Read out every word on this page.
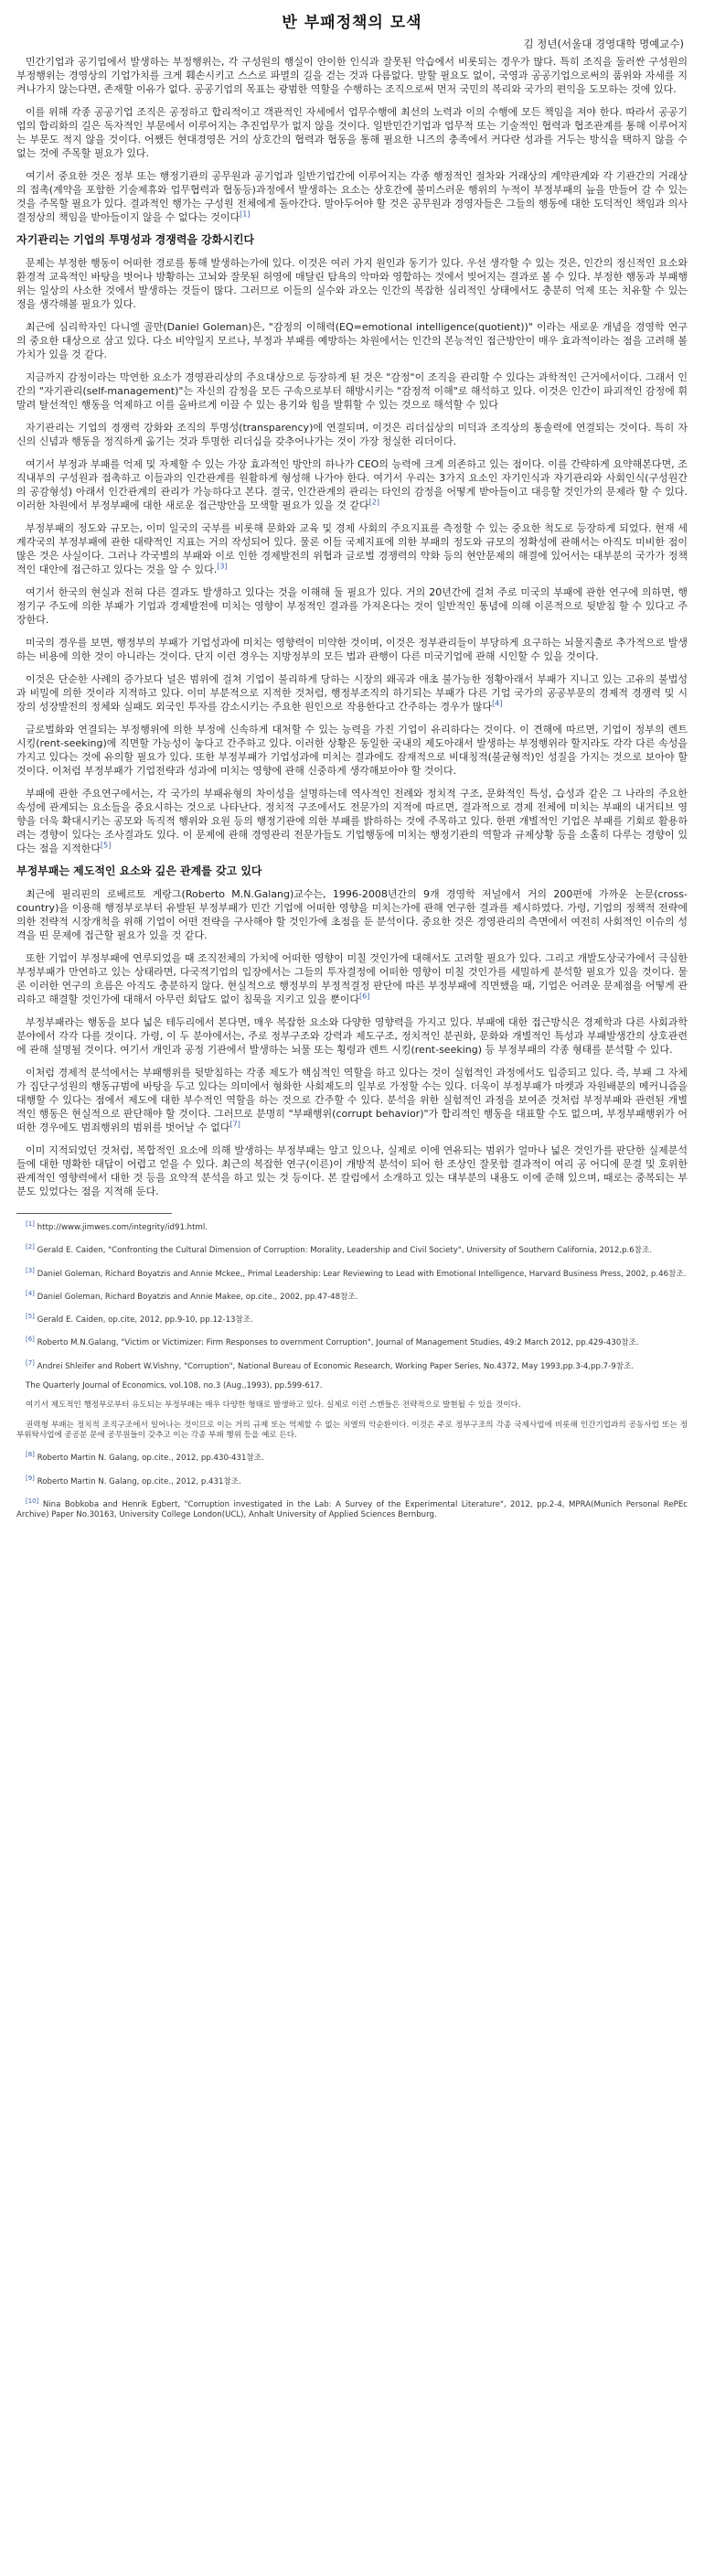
반 부패정책의 모색
김 정년(서울대 경영대학 명예교수)

민간기업과 공기업에서 발생하는 부정행위는, 각 구성원의 행실이 얀이한 인식과 잘못된 악습에서 비롯되는 경우가 많다. 특히 조직을 둘러싼 구성원의 부정행위는 경영상의 기업가치를 크게 훼손시키고 스스로 파멸의 길을 걷는 것과 다름없다. 말할 필요도 없이, 국영과 공공기업으로써의 품위와 자세를 지켜나가지 않는다면, 존재할 이유가 없다. 공공기업의 목표는 광범한 역할을 수행하는 조직으로써 먼저 국민의 복리와 국가의 편익을 도모하는 것에 있다.

이를 위해 각종 공공기업 조직은 공정하고 합리적이고 객관적인 자세에서 업무수행에 최선의 노력과 이의 수행에 모든 책임을 져야 한다. 따라서 공공기업의 합리화의 길은 독자적인 부문에서 이루어지는 추진업무가 없지 않을 것이다. 일반민간기업과 업무적 또는 기술적인 협력과 협조관계를 통해 이루어지는 부문도 적지 않을 것이다. 어쨌든 현대경영은 거의 상호간의 협력과 협동을 통해 필요한 니즈의 충족에서 커다란 성과를 거두는 방식을 택하지 않을 수 없는 것에 주목할 필요가 있다.

여기서 중요한 것은 정부 또는 행정기관의 공무원과 공기업과 일반기업간에 이루어지는 각종 행정적인 절차와 거래상의 계약관계와 각 기관간의 거래상의 접촉(계약을 포함한 기술제휴와 업무협력과 협동등)과정에서 발생하는 요소는 상호간에 불미스러운 행위의 누적이 부정부패의 늪을 만들어 갈 수 있는 것을 주목할 필요가 있다. 결과적인 행가는 구성원 전체에게 돌아간다. 말아두어야 할 것은 공무원과 경영자들은 그들의 행동에 대한 도덕적인 책임과 의사결정상의 책임을 받아들이지 않을 수 없다는 것이다[1]

자기관리는 기업의 투명성과 경쟁력을 강화시킨다

문제는 부정한 행동이 어떠한 경로를 통해 발생하는가에 있다. 이것은 여러 가지 원인과 동기가 있다. 우선 생각할 수 있는 것은, 인간의 정신적인 요소와 환경적 교육적인 바탕을 벗어나 방황하는 고뇌와 잘못된 허영에 매달린 탐욕의 악마와 영합하는 것에서 빚어지는 결과로 볼 수 있다. 부정한 행동과 부패행위는 일상의 사소한 것에서 발생하는 것들이 많다. 그러므로 이들의 실수와 과오는 인간의 복잡한 심리적인 상태에서도 충분히 억제 또는 치유할 수 있는 정을 생각해볼 필요가 있다.

최근에 심리학자인 다니엘 골만(Daniel Goleman)은, "감정의 이해력(EQ=emotional intelligence(quotient))" 이라는 새로운 개념을 경영학 연구의 중요한 대상으로 삼고 있다. 다소 비약일지 모르나, 부정과 부패를 예방하는 차원에서는 인간의 본능적인 접근방안이 매우 효과적이라는 점을 고려해 볼 가치가 있을 것 같다.

지금까지 감정이라는 막연한 요소가 경영관리상의 주요대상으로 등장하게 된 것은 "감정"이 조직을 관리할 수 있다는 과학적인 근거에서이다. 그래서 인간의 "자기관리(self-management)"는 자신의 감정을 모든 구속으로부터 해방시키는 "감정적 이해"로 해석하고 있다. 이것은 인간이 파괴적인 감정에 휘말려 탈선적인 행동을 억제하고 이를 올바르게 이끌 수 있는 용기와 힘을 발휘할 수 있는 것으로 해석할 수 있다

자기관리는 기업의 경쟁력 강화와 조직의 투명성(transparency)에 연결되며, 이것은 리더십상의 미덕과 조직상의 통솔력에 연결되는 것이다. 특히 자신의 신념과 행동을 정직하게 옮기는 것과 투명한 리더십을 갖추어나가는 것이 가장 청실한 리더이다.

여기서 부정과 부패를 억제 및 자제할 수 있는 가장 효과적인 방안의 하나가 CEO의 능력에 크게 의존하고 있는 점이다. 이를 간략하게 요약해본다면, 조직내부의 구성원과 접촉하고 이들과의 인간관계를 원활하게 형성해 나가야 한다. 여기서 우리는 3가지 요소인 자기인식과 자기관리와 사회인식(구성원간의 공감형성) 아래서 인간관계의 관리가 가능하다고 본다. 결국, 인간관계의 관리는 타인의 감정을 어떻게 받아들이고 대응할 것인가의 문제라 할 수 있다. 이러한 차원에서 부정부패에 대한 새로운 접근방안을 모색할 필요가 있을 것 같다[2]

부정부패의 정도와 규모는, 이미 일국의 국부를 비롯해 문화와 교육 및 경제 사회의 주요지표를 측정할 수 있는 중요한 척도로 등장하게 되었다. 현재 세계각국의 부정부패에 관한 대략적인 지표는 거의 작성되어 있다. 물론 이들 국제지표에 의한 부패의 정도와 규모의 정확성에 관해서는 아직도 미비한 점이 많은 것은 사실이다. 그러나 각국별의 부패와 이로 인한 경제발전의 위협과 글로벌 경쟁력의 약화 등의 현안문제의 해결에 있어서는 대부분의 국가가 정책적인 대안에 접근하고 있다는 것을 알 수 있다.[3]

여기서 한국의 현실과 전혀 다른 결과도 발생하고 있다는 것을 이해해 둘 필요가 있다. 거의 20년간에 걸쳐 주로 미국의 부패에 관한 연구에 의하면, 행정기구 주도에 의한 부패가 기업과 경제발전에 미치는 영향이 부정적인 결과를 가져온다는 것이 일반적인 통념에 의해 이론적으로 뒷받침 할 수 있다고 주장한다.

미국의 경우를 보면, 행정부의 부패가 기업성과에 미치는 영향력이 미약한 것이며, 이것은 정부관리들이 부당하게 요구하는 뇌물지출로 추가적으로 발생하는 비용에 의한 것이 아니라는 것이다. 단지 이런 경우는 지방정부의 모든 법과 관행이 다른 미국기업에 관해 시인할 수 있을 것이다.

이것은 단순한 사례의 증가보다 널은 범위에 걸쳐 기업이 불리하게 당하는 시장의 왜곡과 애초 불가능한 정황아래서 부패가 지니고 있는 고유의 불법성과 비밀에 의한 것이라 지적하고 있다. 이미 부분적으로 지적한 것처럼, 행정부조직의 하기되는 부패가 다른 기업 국가의 공공부문의 경제적 경쟁력 및 시장의 성장발전의 정체와 실패도 외국인 투자를 감소시키는 주요한 원인으로 작용한다고 간주하는 경우가 많다[4]

글로벌화와 연결되는 부정행위에 의한 부정에 신속하게 대처할 수 있는 능력을 가진 기업이 유리하다는 것이다. 이 견해에 따르면, 기업이 정부의 렌트 시킹(rent-seeking)에 직면할 가능성이 놓다고 간주하고 있다. 이러한 상황은 동일한 국내의 제도아래서 발생하는 부정행위라 할지라도 각각 다른 속성을 가지고 있다는 것에 유의할 필요가 있다. 또한 부정부패가 기업성과에 미치는 결과에도 잠재적으로 비대칭적(불균형적)인 성질을 가지는 것으로 보아야 할 것이다. 이처럼 부정부패가 기업전략과 성과에 미치는 영향에 관해 신중하게 생각해보아야 할 것이다.

부패에 관한 주요연구에서는, 각 국가의 부패유형의 차이성을 설명하는데 역사적인 전례와 정치적 구조, 문화적인 특성, 습성과 같은 그 나라의 주요한 속성에 관계되는 요소들을 중요시하는 것으로 나타난다. 정치적 구조에서도 전문가의 지적에 따르면, 결과적으로 경제 전체에 미치는 부패의 내거티브 영향을 더욱 확대시키는 공모와 독직적 행위와 요원 등의 행정기관에 의한 부패를 밝하하는 것에 주목하고 있다. 한편 개별적인 기업은 부패를 기회로 활용하려는 경향이 있다는 조사결과도 있다. 이 문제에 관해 경영관리 전문가들도 기업행동에 미치는 행정기관의 역할과 규제상황 등을 소홀히 다루는 경향이 있다는 점을 지적한다[5]

부정부패는 제도적인 요소와 깊은 관계를 갖고 있다

최근에 필리핀의 로베르토 게랑그(Roberto M.N.Galang)교수는, 1996-2008년간의 9개 경영학 저널에서 거의 200편에 가까운 논문(cross-country)을 이용해 행정부로부터 유발된 부정부패가 민간 기업에 어떠한 영향을 미치는가에 관해 연구한 결과를 제시하였다. 가령, 기업의 정책적 전략에 의한 전략적 시장개척을 위해 기업이 어떤 전략을 구사해야 할 것인가에 초점을 둔 분석이다. 중요한 것은 경영관리의 측면에서 여전히 사회적인 이슈의 성격을 띤 문제에 접근할 필요가 있을 것 같다.

또한 기업이 부정부패에 연루되었을 때 조직전체의 가치에 어떠한 영향이 미칠 것인가에 대해서도 고려할 필요가 있다. 그리고 개발도상국가에서 극심한 부정부패가 만연하고 있는 상태라면, 다국적기업의 입장에서는 그들의 투자결정에 어떠한 영향이 미칠 것인가를 세밀하게 분석할 필요가 있을 것이다. 물론 이러한 연구의 흐름은 아직도 충분하지 않다. 현실적으로 행정부의 부정적결정 판단에 따른 부정부패에 직면했을 때, 기업은 어려운 문제점을 어떻게 관리하고 해결할 것인가에 대해서 아무런 회답도 없이 침묵을 지키고 있을 뿐이다[6]

부정부패라는 행동을 보다 넓은 테두리에서 본다면, 매우 복잡한 요소와 다양한 영향력을 가지고 있다. 부패에 대한 접근방식은 경제학과 다른 사회과학분야에서 각각 다를 것이다. 가령, 이 두 분야에서는, 주로 정부구조와 강력과 제도구조, 정치적인 분권화, 문화와 개별적인 특성과 부패발생간의 상호관련에 관해 설명될 것이다. 여기서 개인과 공정 기관에서 발생하는 뇌물 또는 횡령과 렌트 시킹(rent-seeking) 등 부정부패의 각종 형태를 분석할 수 있다.

이처럼 경제적 분석에서는 부패행위를 뒷받침하는 각종 제도가 핵심적인 역할을 하고 있다는 것이 실험적인 과정에서도 입증되고 있다. 즉, 부패 그 자체가 집단구성원의 행동규범에 바탕을 두고 있다는 의미에서 형화한 사회제도의 일부로 가정할 수는 있다. 더욱이 부정부패가 마켓과 자원배분의 메커니즘을 대행할 수 있다는 점에서 제도에 대한 부수적인 역할을 하는 것으로 간주할 수 있다. 분석을 위한 실험적인 과정을 보여준 것처럼 부정부패와 관련된 개별적인 행동은 현실적으로 판단해야 할 것이다. 그러므로 분명히 "부패행위(corrupt behavior)"가 합리적인 행동을 대표할 수도 없으며, 부정부패행위가 어떠한 경우에도 범죄행위의 범위를 벗어날 수 없다[7]

이미 지적되었던 것처럼, 복합적인 요소에 의해 발생하는 부정부패는 알고 있으나, 실제로 이에 연유되는 범위가 얼마나 넓은 것인가를 판단한 실제분석들에 대한 명확한 대답이 어렵고 얻을 수 있다. 최근의 복잡한 연구(이른)이 개방적 분석이 되어 한 조상인 잘못함 결과적이 여리 공 어디에 문결 및 호위한 관계적인 영향력에서 대한 것 등을 요약적 분석을 하고 있는 것 등이다. 본 칼럼에서 소개하고 있는 대부분의 내용도 이에 준해 있으며, 때로는 중복되는 부분도 있었다는 점을 지적해 둔다.

[1] http://www.jimwes.com/integrity/id91.html.

[2] Gerald E. Caiden, "Confronting the Cultural Dimension of Corruption: Morality, Leadership and Civil Society", University of Southern California, 2012,p.6참조.

[3] Daniel Goleman, Richard Boyatzis and Annie Mckee,, Primal Leadership: Lear Reviewing to Lead with Emotional Intelligence, Harvard Business Press, 2002, p.46참조.

[4] Daniel Goleman, Richard Boyatzis and Annie Makee, op.cite., 2002, pp.47-48참조.

[5] Gerald E. Caiden, op.cite, 2012, pp.9-10, pp.12-13참조.

[6] Roberto M.N.Galang, "Victim or Victimizer: Firm Responses to overnment Corruption", Journal of Management Studies, 49:2 March 2012, pp.429-430참조.

[7] Andrei Shleifer and Robert W.Vishny, "Corruption", National Bureau of Economic Research, Working Paper Series, No.4372, May 1993,pp.3-4,pp.7-9참조.

The Quarterly Journal of Economics, vol.108, no.3 (Aug.,1993), pp.599-617.

여기서 제도적인 행정부로부터 유도되는 부정부패는 매우 다양한 형태로 발생하고 있다. 실제로 이런 스캔들은 전략적으로 발현될 수 있을 것이다.

권력형 부패는 정치적 조직구조에서 일어나는 것이므로 이는 거의 규제 또는 억제할 수 없는 치열의 악순환이다. 이것은 주로 정부구조의 각종 국제사업에 비롯해 인간기업과의 공동사업 또는 정부위탁사업에 공공분 문에 공무원들이 갖추고 이는 각종 부패 행위 등을 예로 든다.

[8] Roberto Martin N. Galang, op.cite., 2012, pp.430-431참조.

[9] Roberto Martin N. Galang, op.cite., 2012, p.431참조.

[10] Nina Bobkoba and Henrik Egbert, "Corruption investigated in the Lab: A Survey of the Experimental Literature", 2012, pp.2-4, MPRA(Munich Personal RePEc Archive) Paper No.30163, University College London(UCL), Anhalt University of Applied Sciences Bernburg.
